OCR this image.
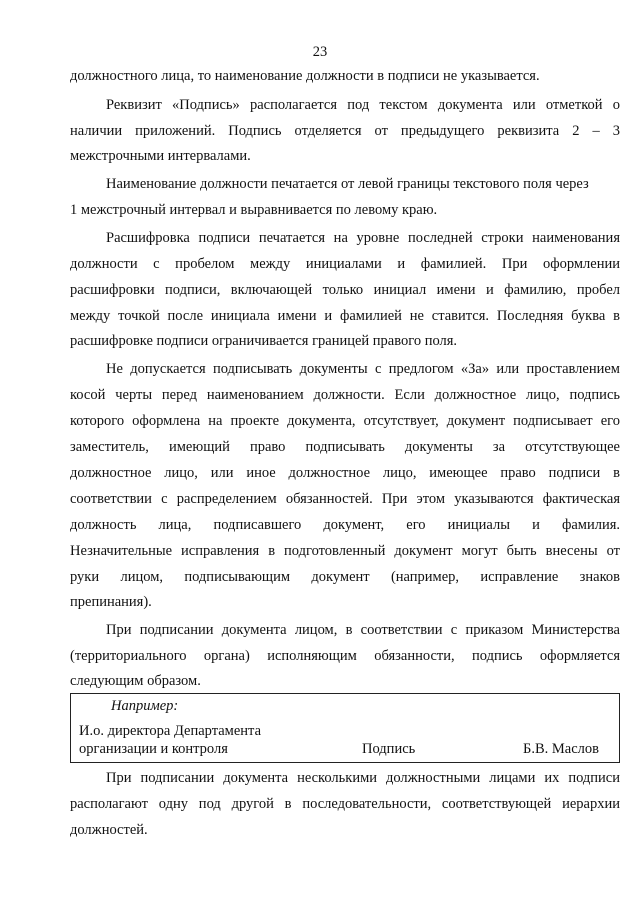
23
должностного лица, то наименование должности в подписи не указывается.
Реквизит «Подпись» располагается под текстом документа или отметкой о
наличии приложений. Подпись отделяется от предыдущего реквизита 2 – 3
межстрочными интервалами.
Наименование должности печатается от левой границы текстового поля через
1 межстрочный интервал и выравнивается по левому краю.
Расшифровка подписи печатается на уровне последней строки наименования
должности с пробелом между инициалами и фамилией. При оформлении
расшифровки подписи, включающей только инициал имени и фамилию, пробел
между точкой после инициала имени и фамилией не ставится. Последняя буква в
расшифровке подписи ограничивается границей правого поля.
Не допускается подписывать документы с предлогом «За» или проставлением
косой черты перед наименованием должности. Если должностное лицо, подпись
которого оформлена на проекте документа, отсутствует, документ подписывает его
заместитель, имеющий право подписывать документы за отсутствующее
должностное лицо, или иное должностное лицо, имеющее право подписи в
соответствии с распределением обязанностей. При этом указываются фактическая
должность лица, подписавшего документ, его инициалы и фамилия.
Незначительные исправления в подготовленный документ могут быть внесены от
руки лицом, подписывающим документ (например, исправление знаков
препинания).
При подписании документа лицом, в соответствии с приказом Министерства
(территориального органа) исполняющим обязанности, подпись оформляется
следующим образом.
Например:
И.о. директора Департамента
организации и контроля	Подпись	Б.В. Маслов
При подписании документа несколькими должностными лицами их подписи
располагают одну под другой в последовательности, соответствующей иерархии
должностей.
